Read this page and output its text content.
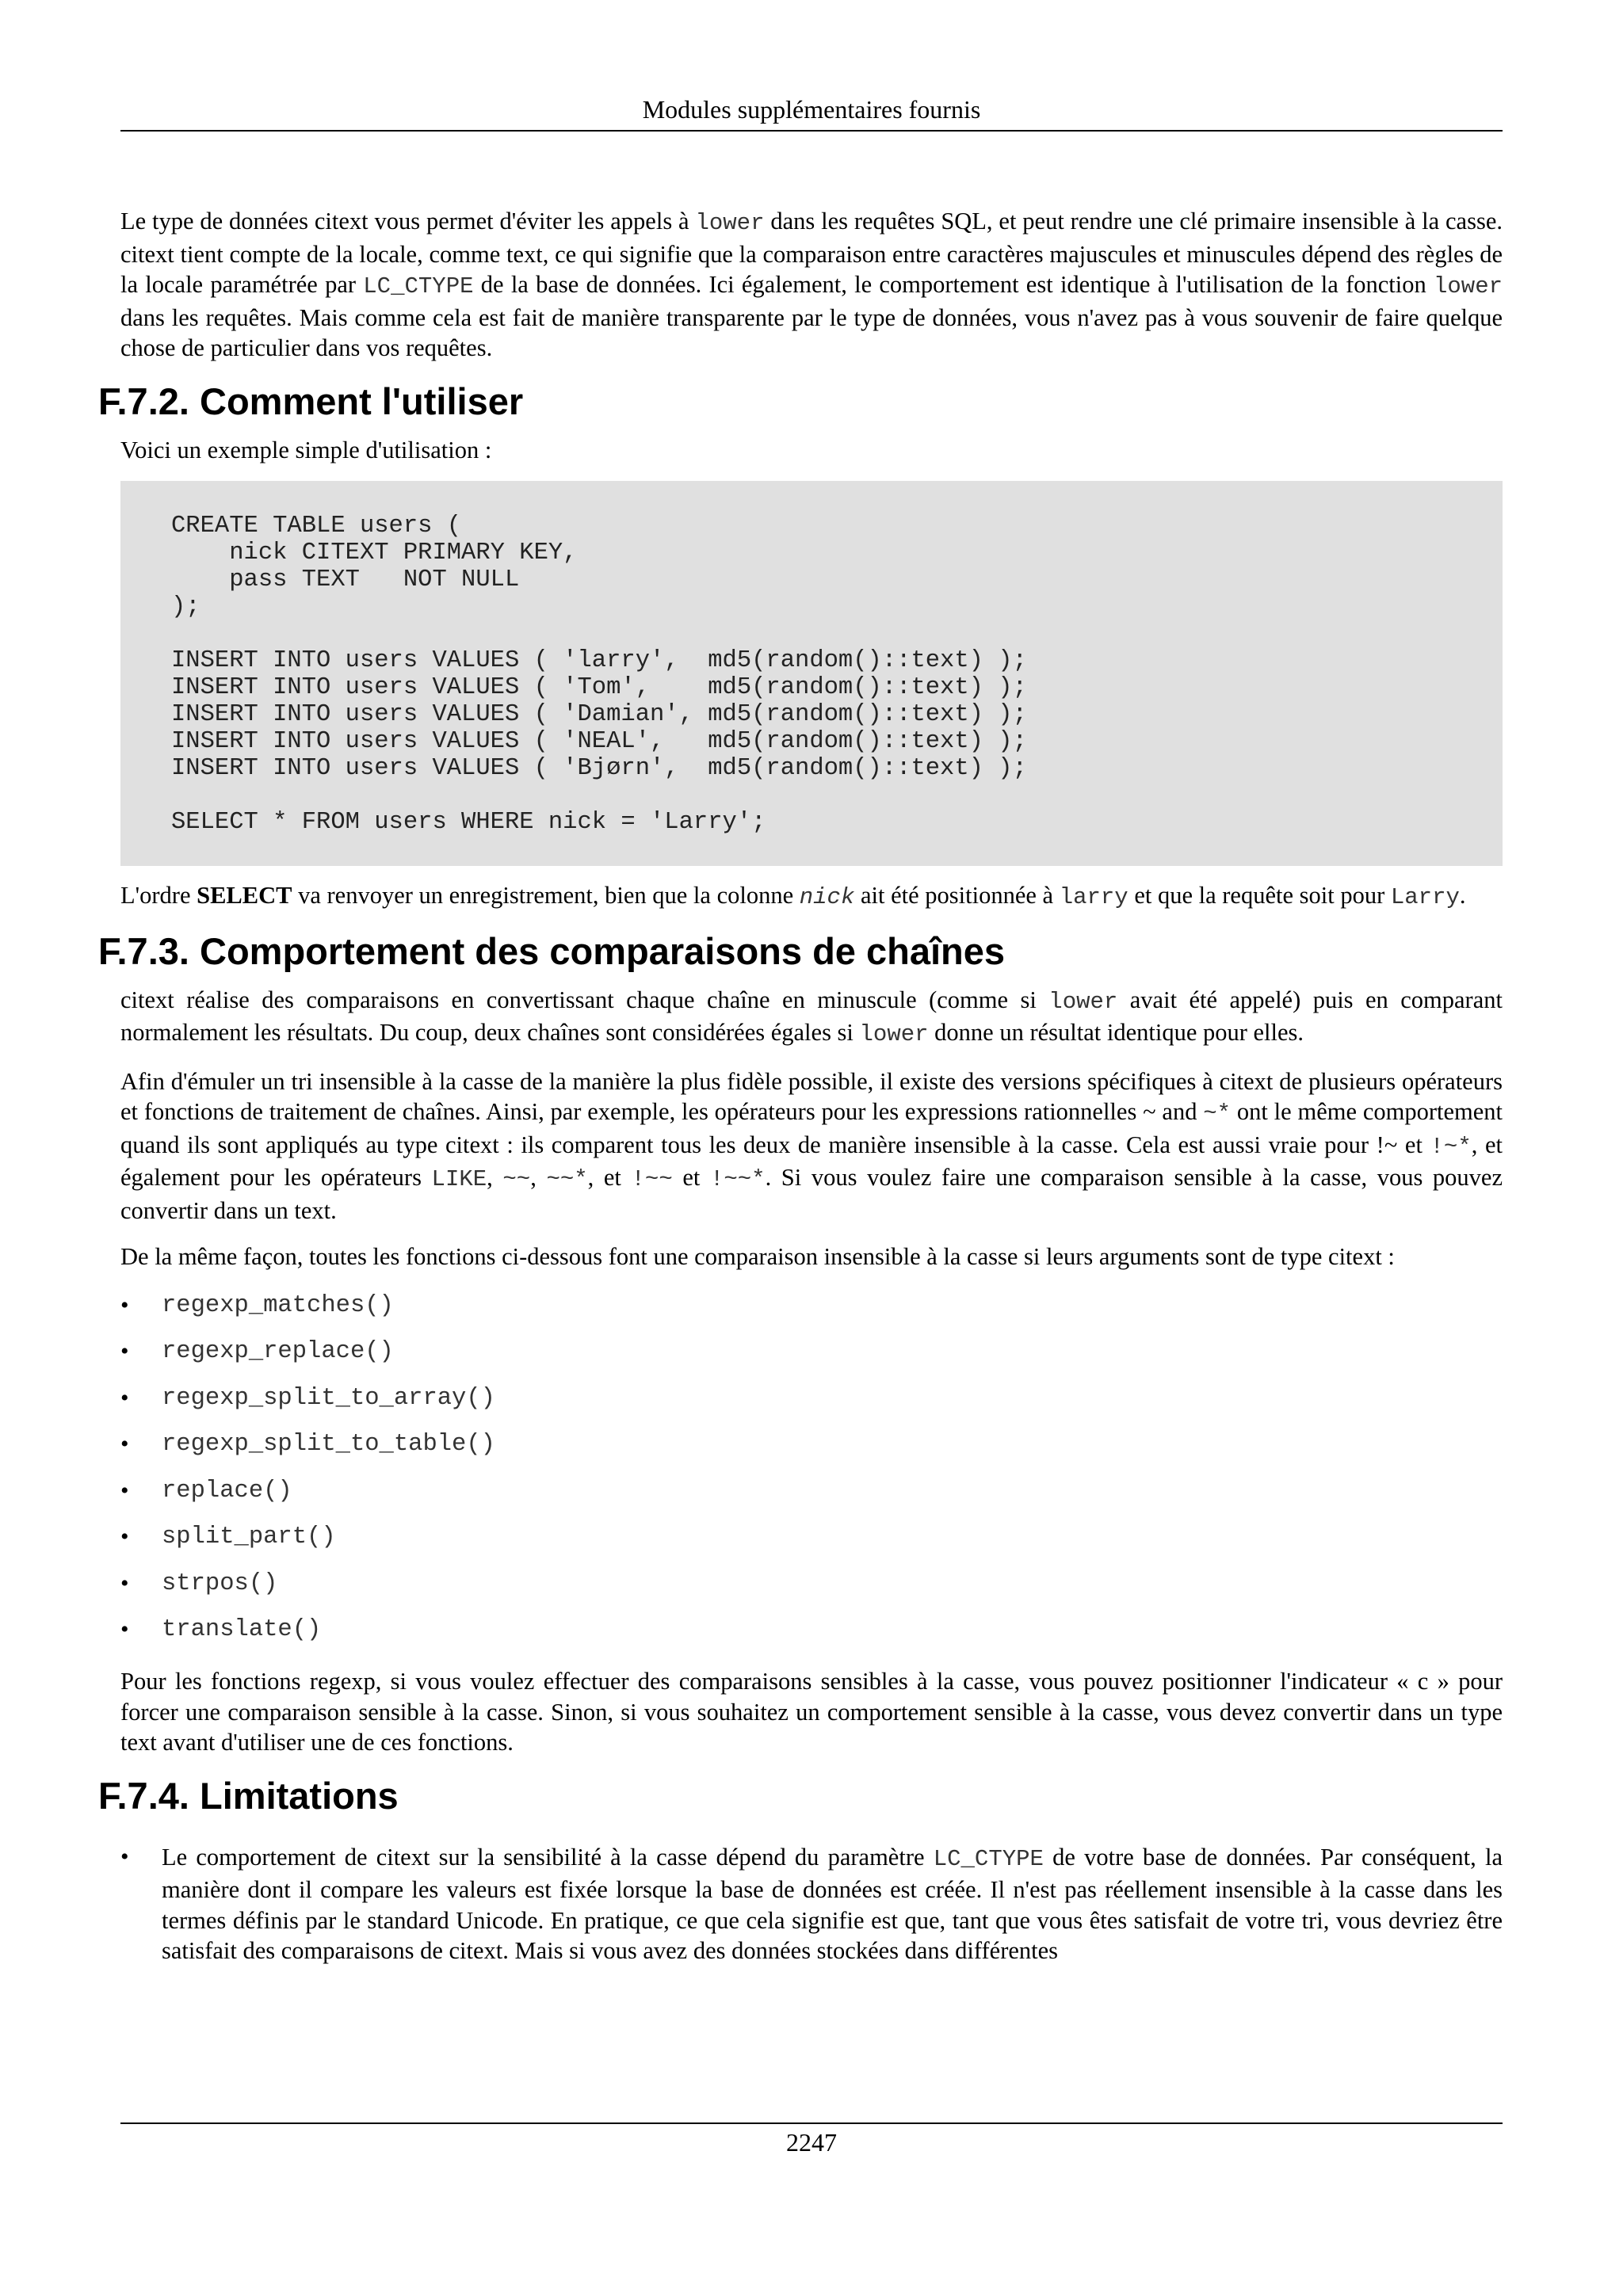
Modules supplémentaires fournis

Le type de données citext vous permet d'éviter les appels à lower dans les requêtes SQL, et peut rendre une clé primaire insensible à la casse. citext tient compte de la locale, comme text, ce qui signifie que la comparaison entre caractères majuscules et minuscules dépend des règles de la locale paramétrée par LC_CTYPE de la base de données. Ici également, le comportement est identique à l'utilisation de la fonction lower dans les requêtes. Mais comme cela est fait de manière transparente par le type de données, vous n'avez pas à vous souvenir de faire quelque chose de particulier dans vos requêtes.

F.7.2. Comment l'utiliser

Voici un exemple simple d'utilisation :

CREATE TABLE users (
nick CITEXT PRIMARY KEY,
pass TEXT   NOT NULL
);

INSERT INTO users VALUES ( 'larry',  md5(random()::text) );
INSERT INTO users VALUES ( 'Tom',    md5(random()::text) );
INSERT INTO users VALUES ( 'Damian', md5(random()::text) );
INSERT INTO users VALUES ( 'NEAL',   md5(random()::text) );
INSERT INTO users VALUES ( 'Bjørn',  md5(random()::text) );

SELECT * FROM users WHERE nick = 'Larry';

L'ordre SELECT va renvoyer un enregistrement, bien que la colonne nick ait été positionnée à larry et que la requête soit pour Larry.

F.7.3. Comportement des comparaisons de chaînes

citext réalise des comparaisons en convertissant chaque chaîne en minuscule (comme si lower avait été appelé) puis en comparant normalement les résultats. Du coup, deux chaînes sont considérées égales si lower donne un résultat identique pour elles.

Afin d'émuler un tri insensible à la casse de la manière la plus fidèle possible, il existe des versions spécifiques à citext de plusieurs opérateurs et fonctions de traitement de chaînes. Ainsi, par exemple, les opérateurs pour les expressions rationnelles ~ and ~* ont le même comportement quand ils sont appliqués au type citext : ils comparent tous les deux de manière insensible à la casse. Cela est aussi vraie pour !~ et !~*, et également pour les opérateurs LIKE, ~~, ~~*, et !~~ et !~~*. Si vous voulez faire une comparaison sensible à la casse, vous pouvez convertir dans un text.

De la même façon, toutes les fonctions ci-dessous font une comparaison insensible à la casse si leurs arguments sont de type citext :

• regexp_matches()
• regexp_replace()
• regexp_split_to_array()
• regexp_split_to_table()
• replace()
• split_part()
• strpos()
• translate()

Pour les fonctions regexp, si vous voulez effectuer des comparaisons sensibles à la casse, vous pouvez positionner l'indicateur « c » pour forcer une comparaison sensible à la casse. Sinon, si vous souhaitez un comportement sensible à la casse, vous devez convertir dans un type text avant d'utiliser une de ces fonctions.

F.7.4. Limitations
• Le comportement de citext sur la sensibilité à la casse dépend du paramètre LC_CTYPE de votre base de données. Par conséquent, la manière dont il compare les valeurs est fixée lorsque la base de données est créée. Il n'est pas réellement insensible à la casse dans les termes définis par le standard Unicode. En pratique, ce que cela signifie est que, tant que vous êtes satisfait de votre tri, vous devriez être satisfait des comparaisons de citext. Mais si vous avez des données stockées dans différentes
2247
